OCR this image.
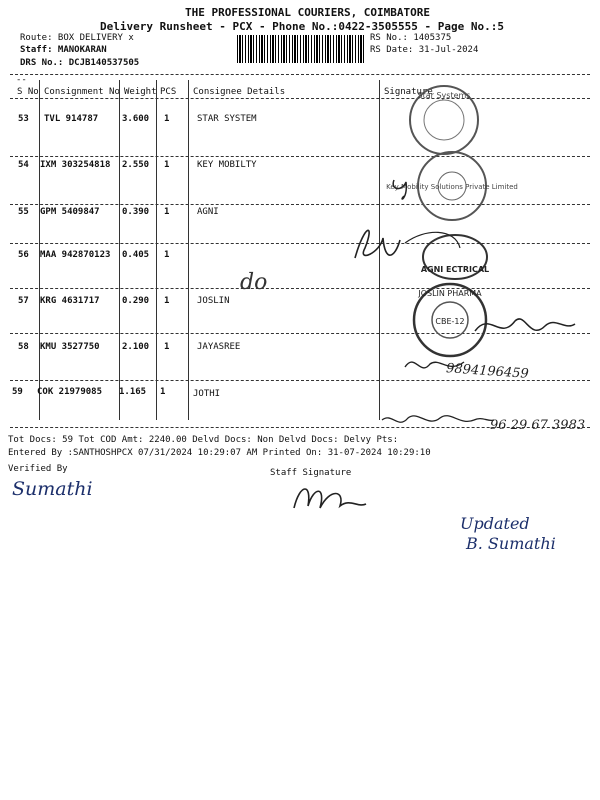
THE PROFESSIONAL COURIERS, COIMBATORE
Delivery Runsheet - PCX - Phone No.:0422-3505555 - Page No.:5
Route: BOX DELIVERY x
Staff: MANOKARAN
DRS No.: DCJB140537505
RS No.: 1405375
RS Date: 31-Jul-2024
--
S No Consignment No Weight PCS Consignee Details	Signature
53 TVL 914787	3.600 1	STAR SYSTEM
54 IXM 303254818 2.550 1	KEY MOBILTY
55 GPM 5409847 0.390 1	AGNI
56 MAA 942870123 0.405 1
57 KRG 4631717 0.290 1	JOSLIN
58 KMU 3527750 2.100 1	JAYASREE
59 COK 21979085 1.165 1	JOTHI
Tot Docs: 59 Tot COD Amt: 2240.00 Delvd Docs: Non Delvd Docs: Delvy Pts:
Entered By :SANTHOSHPCX 07/31/2024 10:29:07 AM Printed On: 31-07-2024 10:29:10
Verified By	Staff Signature
Sumathi
do
9894196459
96 29 67 3983
Updated
B. Sumathi
Star Systems
Key Mobility Solutions Private Limited
AGNI ECTRICAL
JOSLIN PHARMA
CBE-12
